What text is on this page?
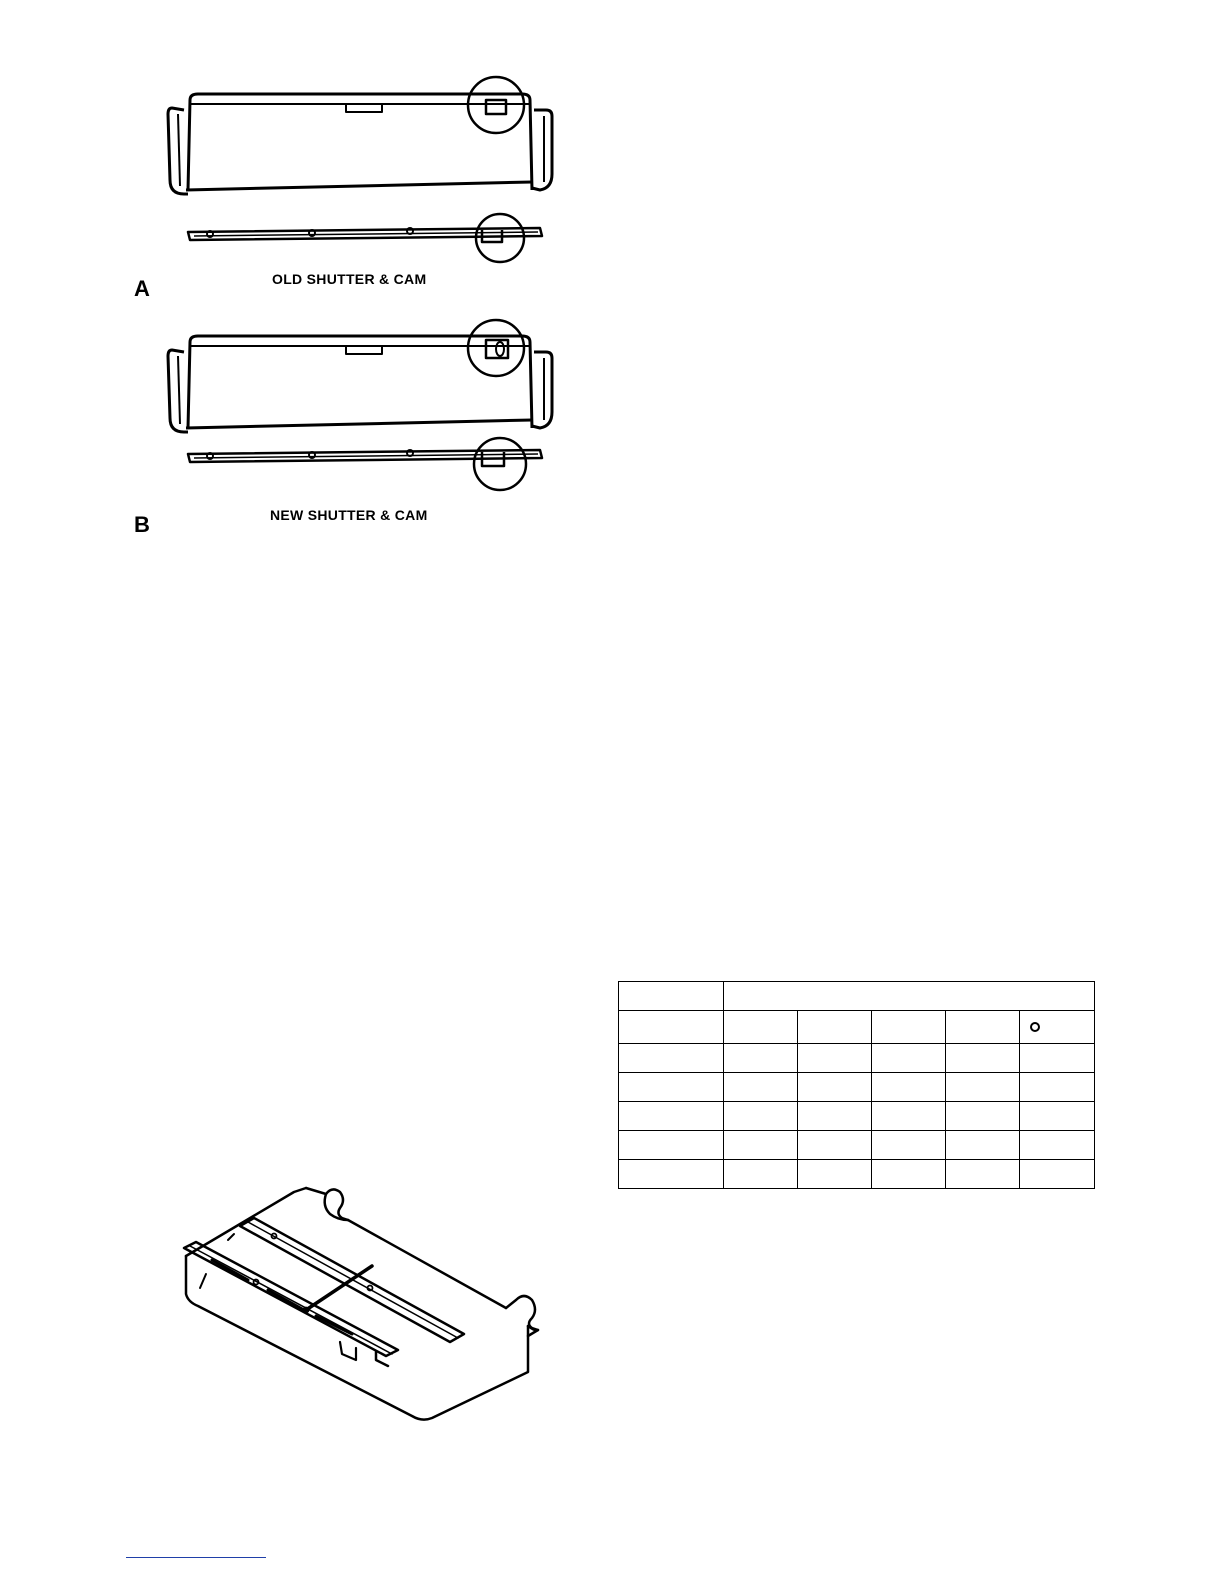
A	OLD SHUTTER & CAM
B	NEW SHUTTER & CAM
